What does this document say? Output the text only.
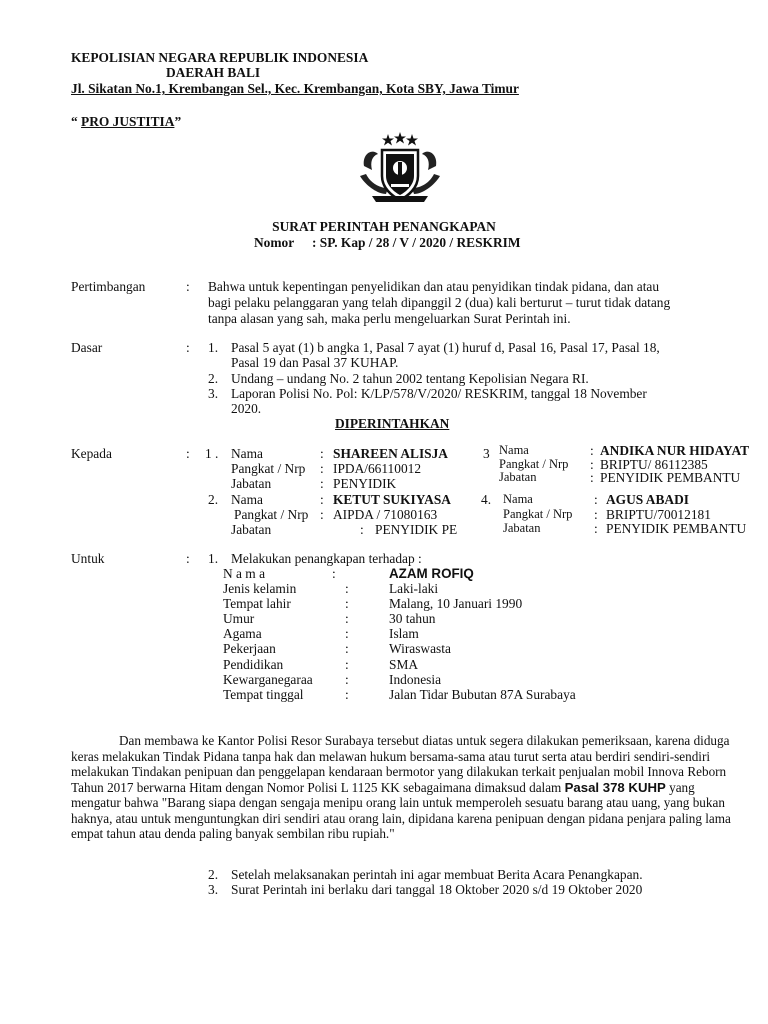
KEPOLISIAN NEGARA REPUBLIK INDONESIA
DAERAH BALI
Jl. Sikatan No.1, Krembangan Sel., Kec. Krembangan, Kota SBY, Jawa Timur
“ PRO JUSTITIA”
SURAT PERINTAH PENANGKAPAN
Nomor : SP. Kap / 28 / V / 2020 / RESKRIM
Pertimbangan	: Bahwa untuk kepentingan penyelidikan dan atau penyidikan tindak pidana, dan atau
bagi pelaku pelanggaran yang telah dipanggil 2 (dua) kali berturut – turut tidak datang
tanpa alasan yang sah, maka perlu mengeluarkan Surat Perintah ini.
Dasar	: 1. Pasal 5 ayat (1) b angka 1, Pasal 7 ayat (1) huruf d, Pasal 16, Pasal 17, Pasal 18,
Pasal 19 dan Pasal 37 KUHAP.
2. Undang – undang No. 2 tahun 2002 tentang Kepolisian Negara RI.
3. Laporan Polisi No. Pol: K/LP/578/V/2020/ RESKRIM, tanggal 18 November
2020.
DIPERINTAHKAN
Kepada	: 1 . Nama	: SHAREEN ALISJA
Pangkat / Nrp : IPDA/66110012
Jabatan	: PENYIDIK
2. Nama	: KETUT SUKIYASA
Pangkat / Nrp : AIPDA / 71080163
Jabatan	: PENYIDIK PE
3 Nama	: ANDIKA NUR HIDAYAT
Pangkat / Nrp : BRIPTU/ 86112385
Jabatan	: PENYIDIK PEMBANTU
4. Nama	: AGUS ABADI
Pangkat / Nrp : BRIPTU/70012181
Jabatan	: PENYIDIK PEMBANTU
Untuk	: 1. Melakukan penangkapan terhadap :
N a m a	:	AZAM ROFIQ
Jenis kelamin	:	Laki-laki
Tempat lahir	:	Malang, 10 Januari 1990
Umur	:	30 tahun
Agama	:	Islam
Pekerjaan	:	Wiraswasta
Pendidikan	:	SMA
Kewarganegaraa :	Indonesia
Tempat tinggal	:	Jalan Tidar Bubutan 87A Surabaya
Dan membawa ke Kantor Polisi Resor Surabaya tersebut diatas untuk segera dilakukan pemeriksaan, karena diduga keras melakukan Tindak Pidana tanpa hak dan melawan hukum bersama-sama atau turut serta atau berdiri sendiri-sendiri melakukan Tindakan penipuan dan penggelapan kendaraan bermotor yang dilakukan terkait penjualan mobil Innova Reborn Tahun 2017 berwarna Hitam dengan Nomor Polisi L 1125 KK sebagaimana dimaksud dalam Pasal 378 KUHP yang mengatur bahwa "Barang siapa dengan sengaja menipu orang lain untuk memperoleh sesuatu barang atau uang, yang bukan haknya, atau untuk menguntungkan diri sendiri atau orang lain, dipidana karena penipuan dengan pidana penjara paling lama empat tahun atau denda paling banyak sembilan ribu rupiah."
2. Setelah melaksanakan perintah ini agar membuat Berita Acara Penangkapan.
3. Surat Perintah ini berlaku dari tanggal 18 Oktober 2020 s/d 19 Oktober 2020
